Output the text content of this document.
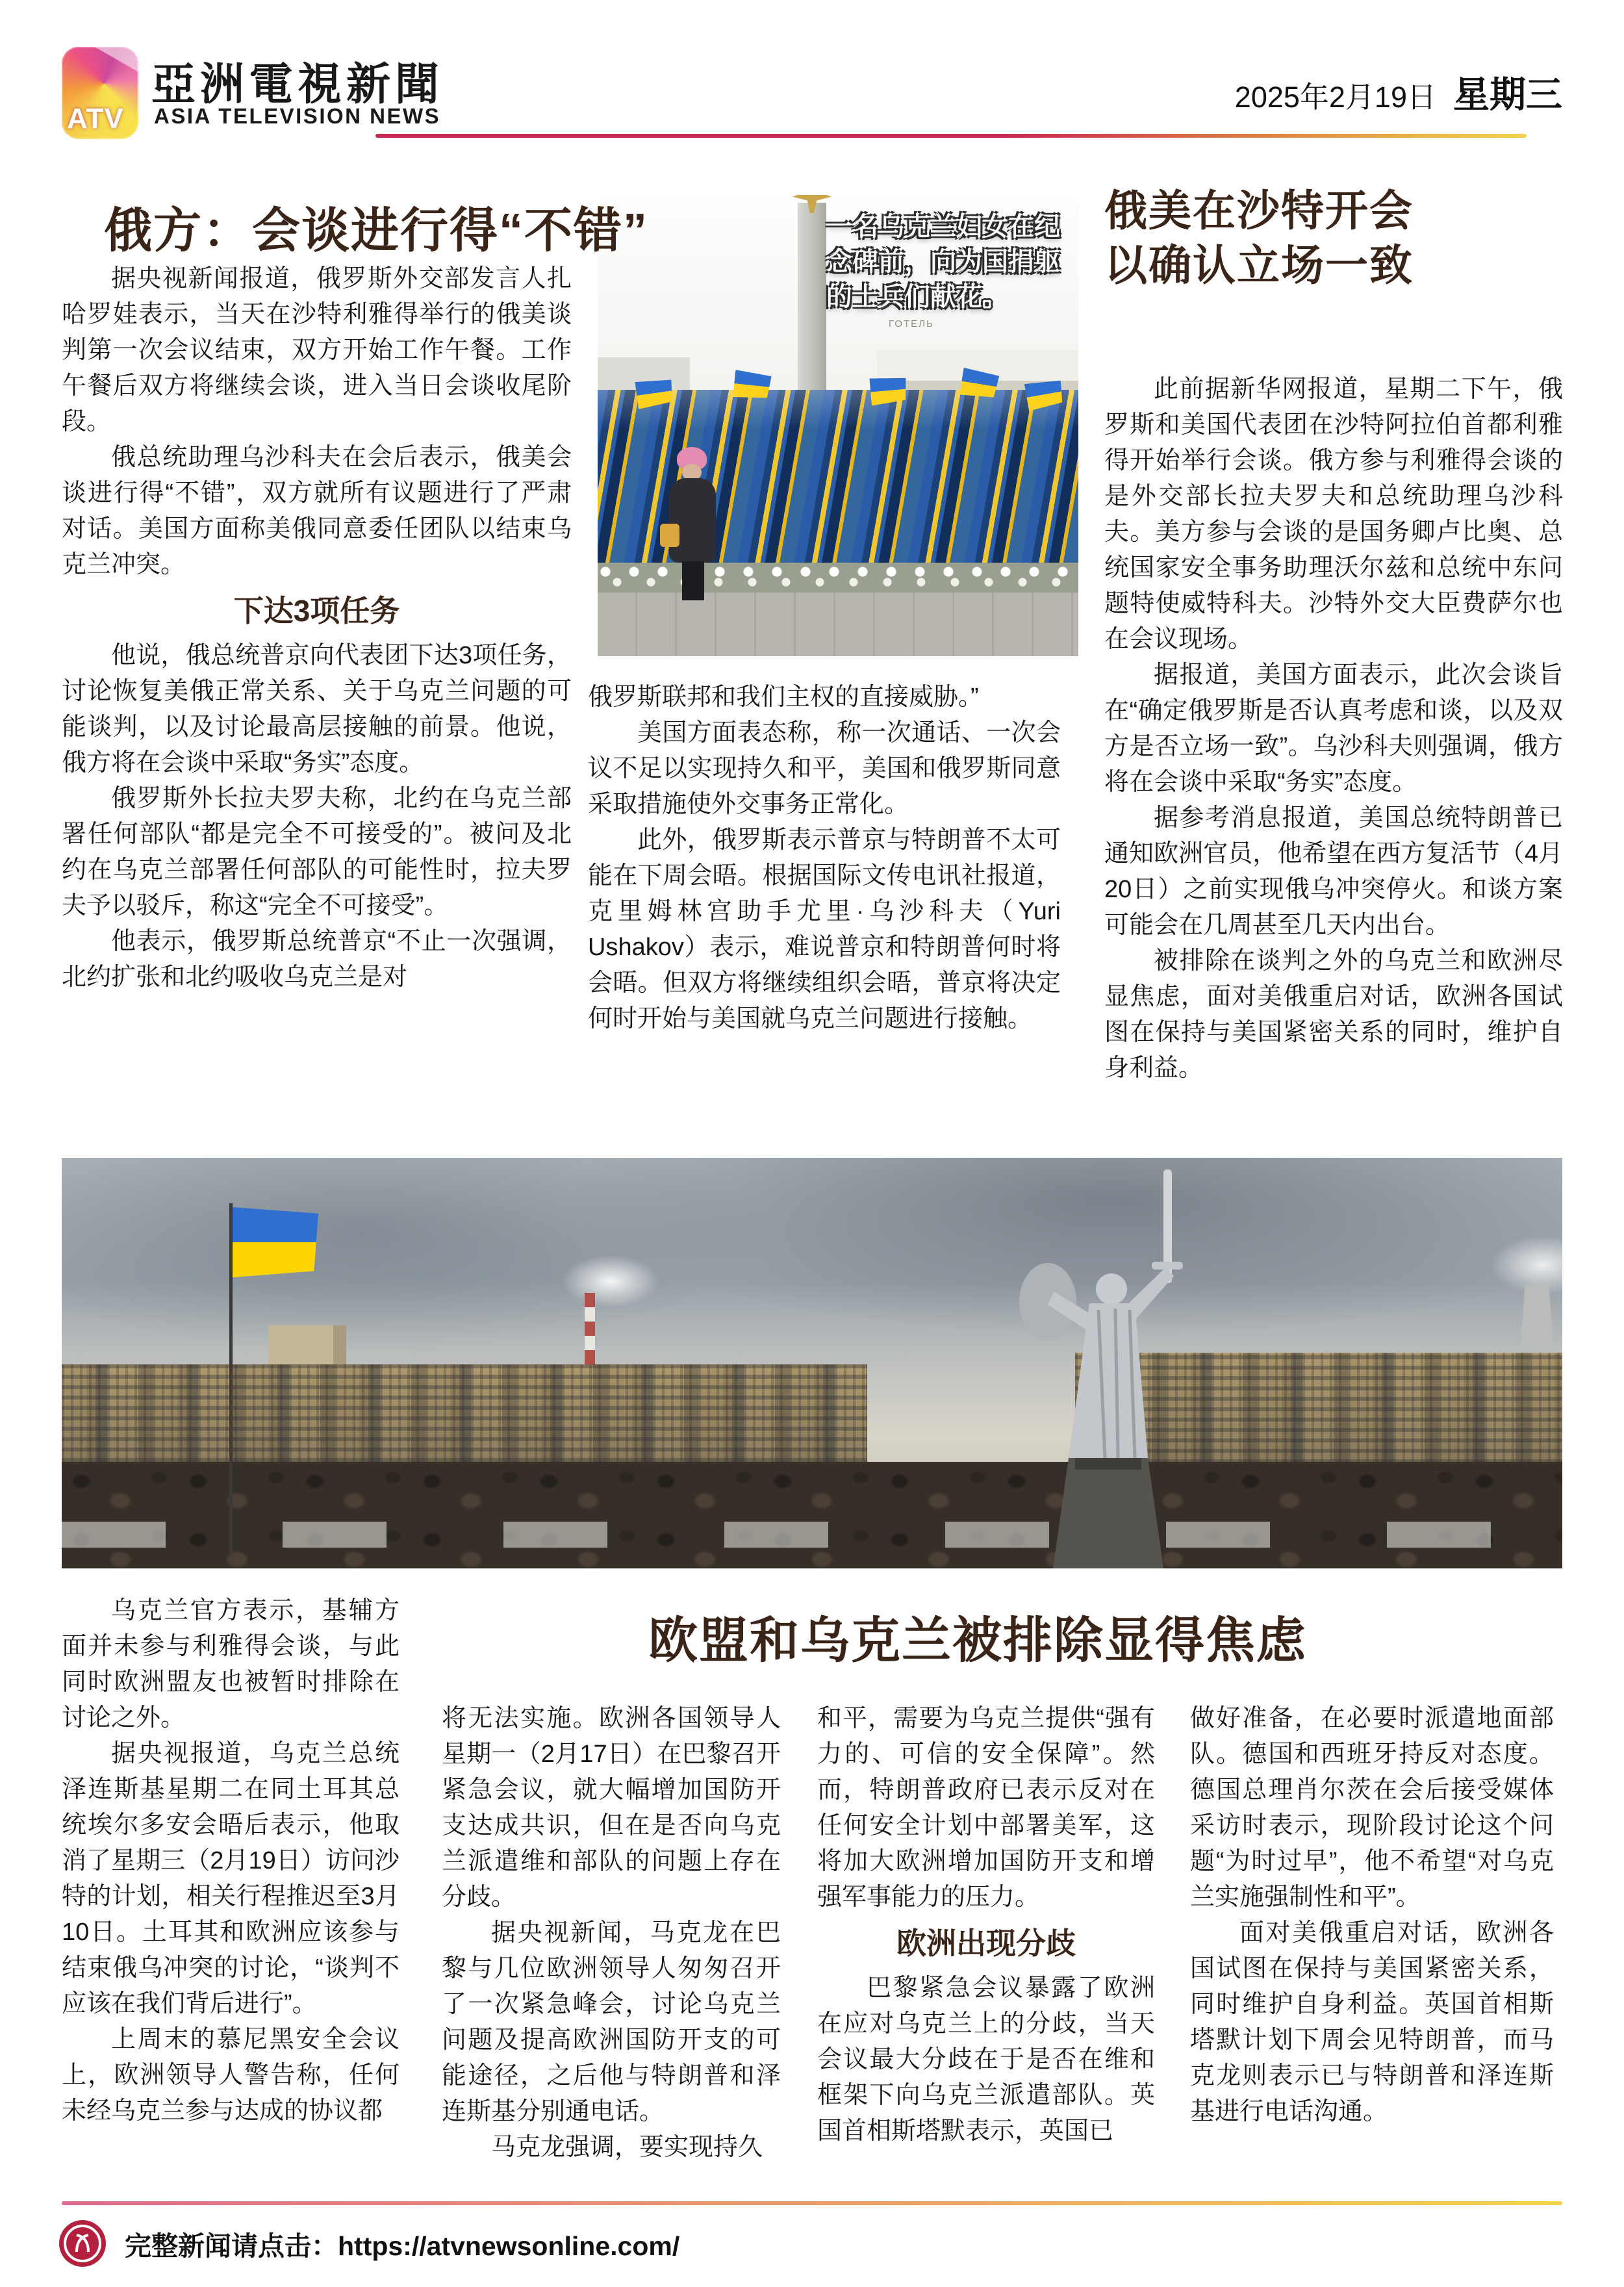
ATV
亞洲電視新聞
ASIA TELEVISION NEWS
2025年2月19日 星期三
俄方：会谈进行得“不错”

据央视新闻报道，俄罗斯外交部发言人扎哈罗娃表示，当天在沙特利雅得举行的俄美谈判第一次会议结束，双方开始工作午餐。工作午餐后双方将继续会谈，进入当日会谈收尾阶段。

俄总统助理乌沙科夫在会后表示，俄美会谈进行得“不错”，双方就所有议题进行了严肃对话。美国方面称美俄同意委任团队以结束乌克兰冲突。

下达3项任务

他说，俄总统普京向代表团下达3项任务，讨论恢复美俄正常关系、关于乌克兰问题的可能谈判，以及讨论最高层接触的前景。他说，俄方将在会谈中采取“务实”态度。

俄罗斯外长拉夫罗夫称，北约在乌克兰部署任何部队“都是完全不可接受的”。被问及北约在乌克兰部署任何部队的可能性时，拉夫罗夫予以驳斥，称这“完全不可接受”。

他表示，俄罗斯总统普京“不止一次强调，北约扩张和北约吸收乌克兰是对

俄罗斯联邦和我们主权的直接威胁。”

美国方面表态称，称一次通话、一次会议不足以实现持久和平，美国和俄罗斯同意采取措施使外交事务正常化。

此外，俄罗斯表示普京与特朗普不太可能在下周会晤。根据国际文传电讯社报道，克里姆林宫助手尤里·乌沙科夫（Yuri Ushakov）表示，难说普京和特朗普何时将会晤。但双方将继续组织会晤，普京将决定何时开始与美国就乌克兰问题进行接触。

ГОТЕЛЬ
一名乌克兰妇女在纪念碑前，向为国捐躯的士兵们献花。
俄美在沙特开会
以确认立场一致

此前据新华网报道，星期二下午，俄罗斯和美国代表团在沙特阿拉伯首都利雅得开始举行会谈。俄方参与利雅得会谈的是外交部长拉夫罗夫和总统助理乌沙科夫。美方参与会谈的是国务卿卢比奥、总统国家安全事务助理沃尔兹和总统中东问题特使威特科夫。沙特外交大臣费萨尔也在会议现场。

据报道，美国方面表示，此次会谈旨在“确定俄罗斯是否认真考虑和谈，以及双方是否立场一致”。乌沙科夫则强调，俄方将在会谈中采取“务实”态度。

据参考消息报道，美国总统特朗普已通知欧洲官员，他希望在西方复活节（4月20日）之前实现俄乌冲突停火。和谈方案可能会在几周甚至几天内出台。

被排除在谈判之外的乌克兰和欧洲尽显焦虑，面对美俄重启对话，欧洲各国试图在保持与美国紧密关系的同时，维护自身利益。

欧盟和乌克兰被排除显得焦虑

乌克兰官方表示，基辅方面并未参与利雅得会谈，与此同时欧洲盟友也被暂时排除在讨论之外。

据央视报道，乌克兰总统泽连斯基星期二在同土耳其总统埃尔多安会晤后表示，他取消了星期三（2月19日）访问沙特的计划，相关行程推迟至3月10日。土耳其和欧洲应该参与结束俄乌冲突的讨论，“谈判不应该在我们背后进行”。

上周末的慕尼黑安全会议上，欧洲领导人警告称，任何未经乌克兰参与达成的协议都

将无法实施。欧洲各国领导人星期一（2月17日）在巴黎召开紧急会议，就大幅增加国防开支达成共识，但在是否向乌克兰派遣维和部队的问题上存在分歧。

据央视新闻，马克龙在巴黎与几位欧洲领导人匆匆召开了一次紧急峰会，讨论乌克兰问题及提高欧洲国防开支的可能途径，之后他与特朗普和泽连斯基分别通电话。

马克龙强调，要实现持久

和平，需要为乌克兰提供“强有力的、可信的安全保障”。然而，特朗普政府已表示反对在任何安全计划中部署美军，这将加大欧洲增加国防开支和增强军事能力的压力。

欧洲出现分歧

巴黎紧急会议暴露了欧洲在应对乌克兰上的分歧，当天会议最大分歧在于是否在维和框架下向乌克兰派遣部队。英国首相斯塔默表示，英国已

做好准备，在必要时派遣地面部队。德国和西班牙持反对态度。德国总理肖尔茨在会后接受媒体采访时表示，现阶段讨论这个问题“为时过早”，他不希望“对乌克兰实施强制性和平”。

面对美俄重启对话，欧洲各国试图在保持与美国紧密关系，同时维护自身利益。英国首相斯塔默计划下周会见特朗普，而马克龙则表示已与特朗普和泽连斯基进行电话沟通。

完整新闻请点击：https://atvnewsonline.com/
